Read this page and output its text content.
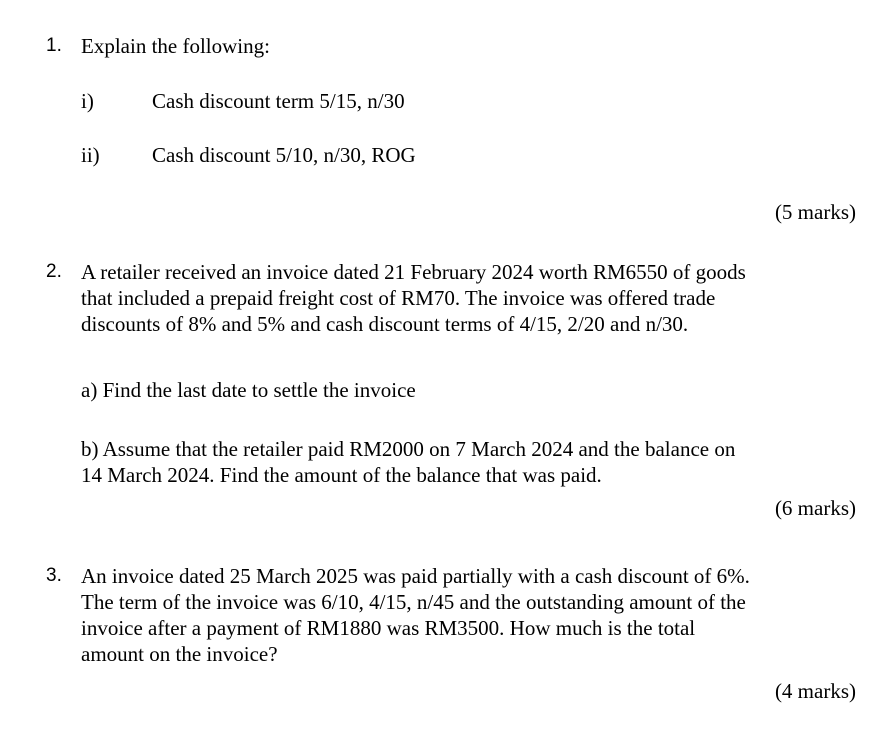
1. Explain the following:
i)	Cash discount term 5/15, n/30
ii) Cash discount 5/10, n/30, ROG
(5 marks)
2. A retailer received an invoice dated 21 February 2024 worth RM6550 of goods
that included a prepaid freight cost of RM70. The invoice was offered trade
discounts of 8% and 5% and cash discount terms of 4/15, 2/20 and n/30.
a) Find the last date to settle the invoice
b) Assume that the retailer paid RM2000 on 7 March 2024 and the balance on
14 March 2024. Find the amount of the balance that was paid.
(6 marks)
3. An invoice dated 25 March 2025 was paid partially with a cash discount of 6%.
The term of the invoice was 6/10, 4/15, n/45 and the outstanding amount of the
invoice after a payment of RM1880 was RM3500. How much is the total
amount on the invoice?
(4 marks)
